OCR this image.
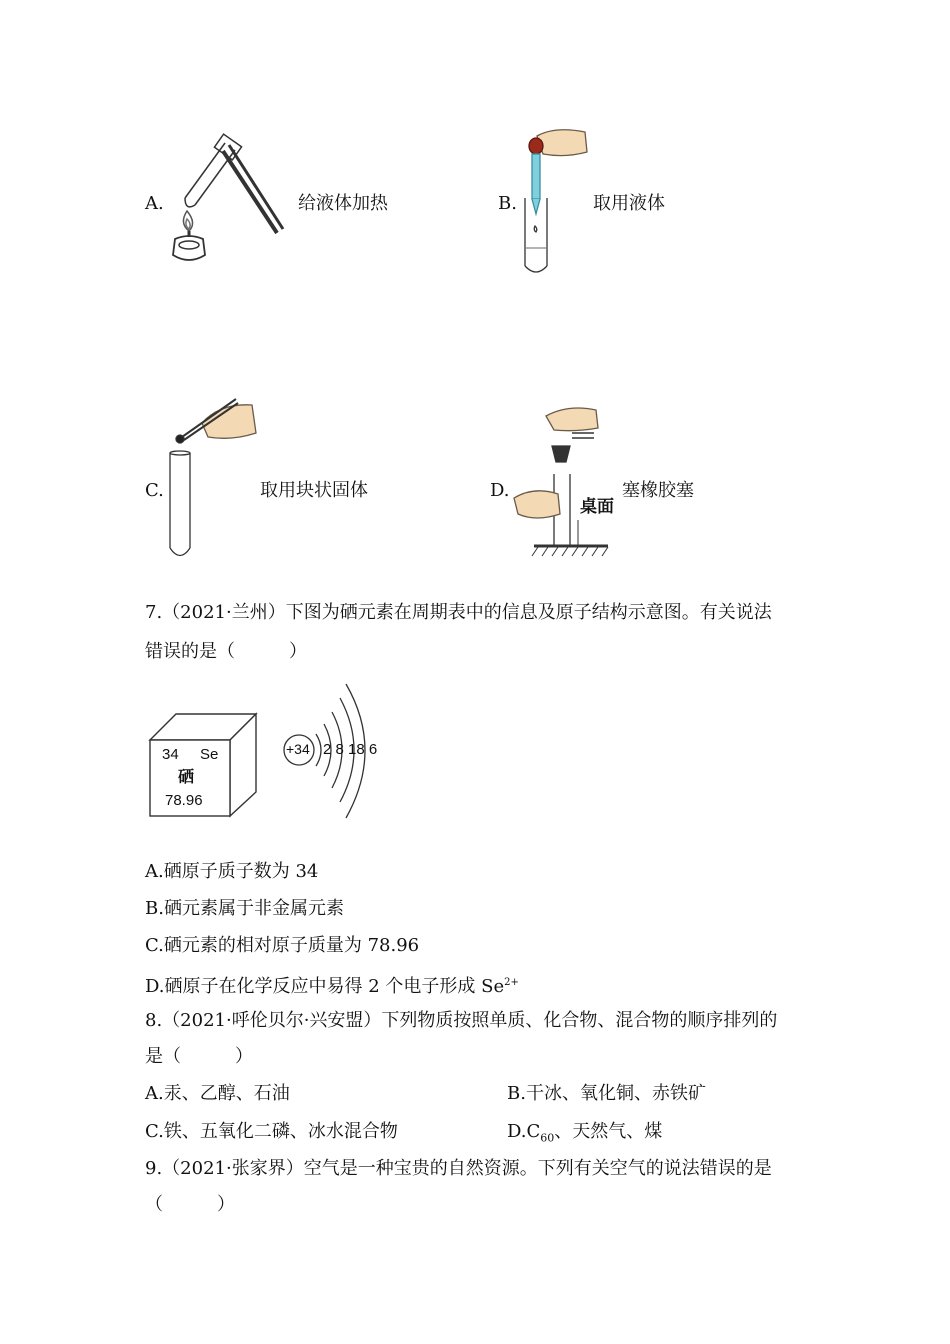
A.	给液体加热	B.	取用液体
C.	取用块状固体	D.
桌面
塞橡胶塞
7.（2021·兰州）下图为硒元素在周期表中的信息及原子结构示意图。有关说法
错误的是（　　　）
34 Se
硒
78.96
+34 2 8 18 6
A.硒原子质子数为 34
B.硒元素属于非金属元素
C.硒元素的相对原子质量为 78.96
D.硒原子在化学反应中易得 2 个电子形成 $Se^{2+}$
8.（2021·呼伦贝尔·兴安盟）下列物质按照单质、化合物、混合物的顺序排列的
是（　　　）
A.汞、乙醇、石油	B.干冰、氧化铜、赤铁矿
C.铁、五氧化二磷、冰水混合物	$D.C_{60}$、天然气、煤
9.（2021·张家界）空气是一种宝贵的自然资源。下列有关空气的说法错误的是
（　　　）
